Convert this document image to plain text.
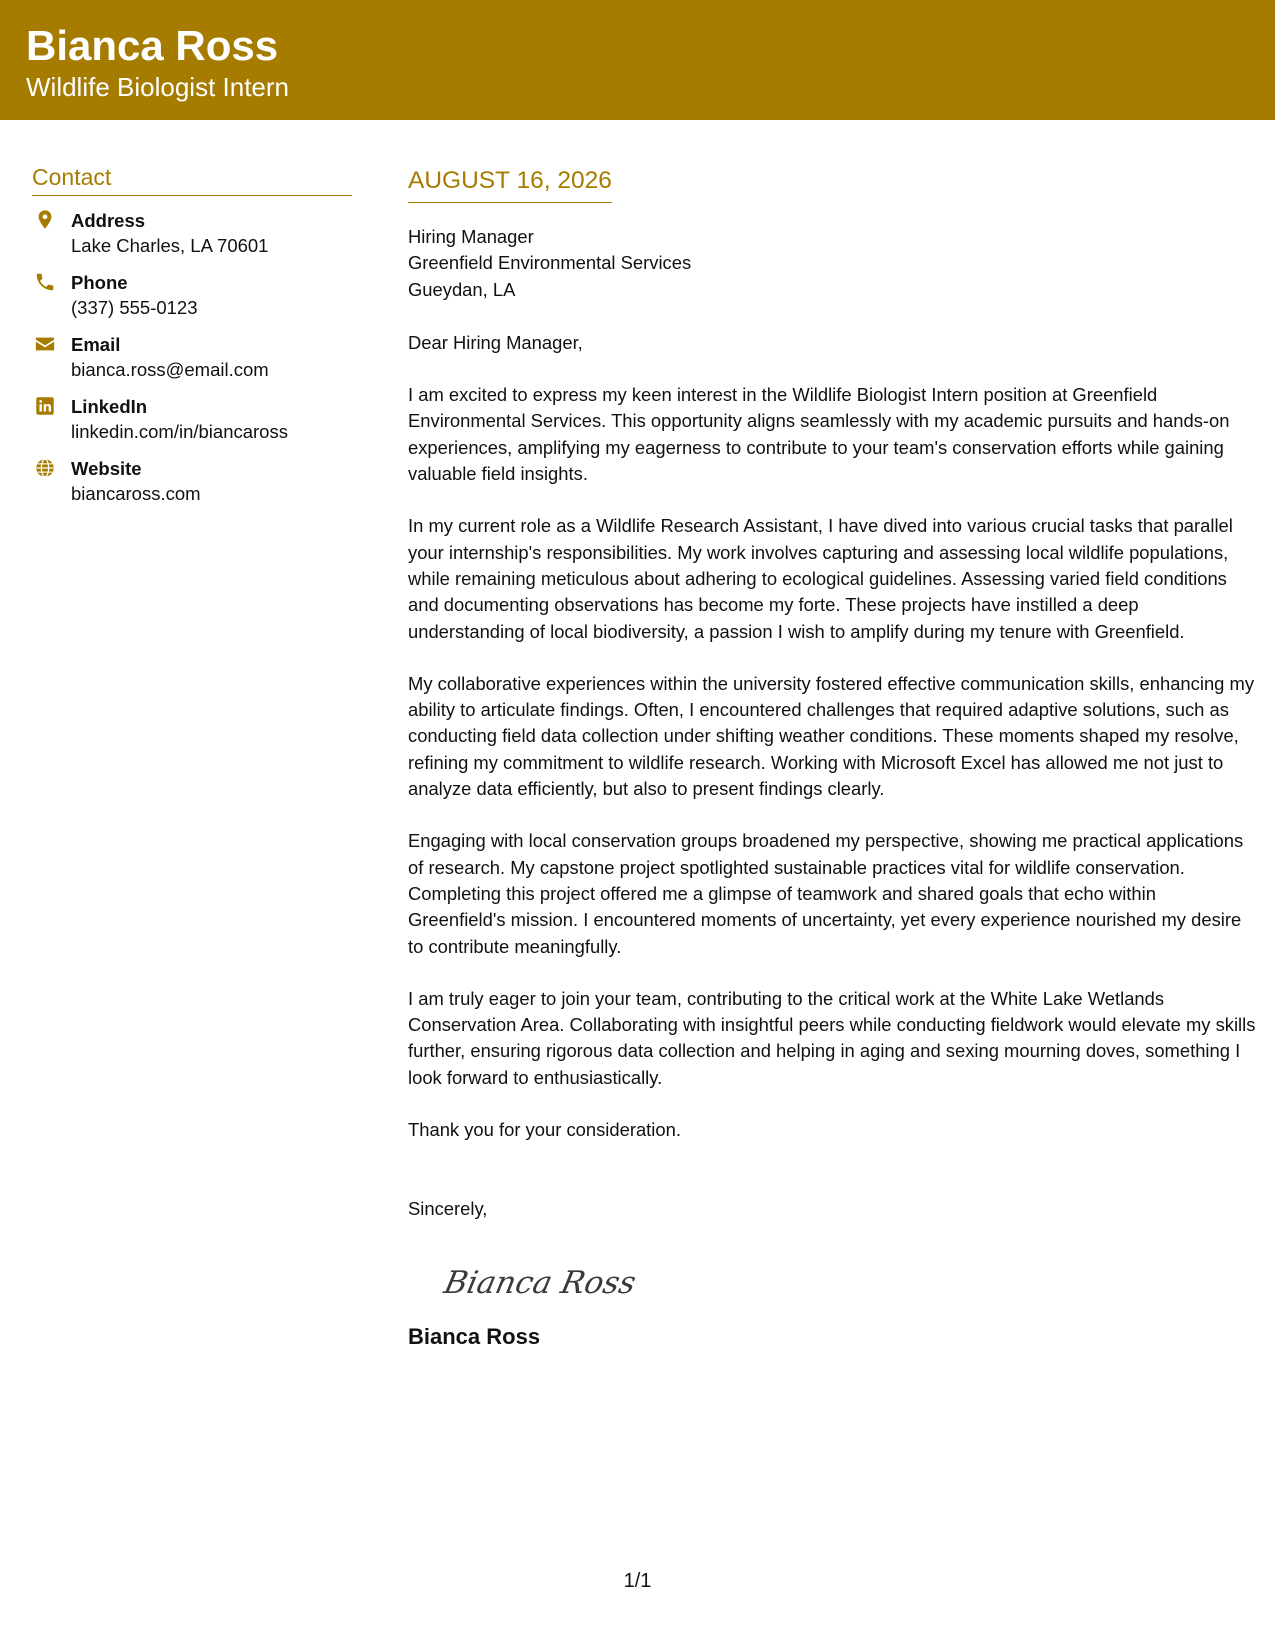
Bianca Ross
Wildlife Biologist Intern
Contact
Address
Lake Charles, LA 70601
Phone
(337) 555-0123
Email
bianca.ross@email.com
LinkedIn
linkedin.com/in/biancaross
Website
biancaross.com
AUGUST 16, 2026
Hiring Manager
Greenfield Environmental Services
Gueydan, LA
Dear Hiring Manager,
I am excited to express my keen interest in the Wildlife Biologist Intern position at Greenfield Environmental Services. This opportunity aligns seamlessly with my academic pursuits and hands-on experiences, amplifying my eagerness to contribute to your team's conservation efforts while gaining valuable field insights.
In my current role as a Wildlife Research Assistant, I have dived into various crucial tasks that parallel your internship's responsibilities. My work involves capturing and assessing local wildlife populations, while remaining meticulous about adhering to ecological guidelines. Assessing varied field conditions and documenting observations has become my forte. These projects have instilled a deep understanding of local biodiversity, a passion I wish to amplify during my tenure with Greenfield.
My collaborative experiences within the university fostered effective communication skills, enhancing my ability to articulate findings. Often, I encountered challenges that required adaptive solutions, such as conducting field data collection under shifting weather conditions. These moments shaped my resolve, refining my commitment to wildlife research. Working with Microsoft Excel has allowed me not just to analyze data efficiently, but also to present findings clearly.
Engaging with local conservation groups broadened my perspective, showing me practical applications of research. My capstone project spotlighted sustainable practices vital for wildlife conservation. Completing this project offered me a glimpse of teamwork and shared goals that echo within Greenfield's mission. I encountered moments of uncertainty, yet every experience nourished my desire to contribute meaningfully.
I am truly eager to join your team, contributing to the critical work at the White Lake Wetlands Conservation Area. Collaborating with insightful peers while conducting fieldwork would elevate my skills further, ensuring rigorous data collection and helping in aging and sexing mourning doves, something I look forward to enthusiastically.
Thank you for your consideration.
Sincerely,
Bianca Ross
Bianca Ross
1/1
